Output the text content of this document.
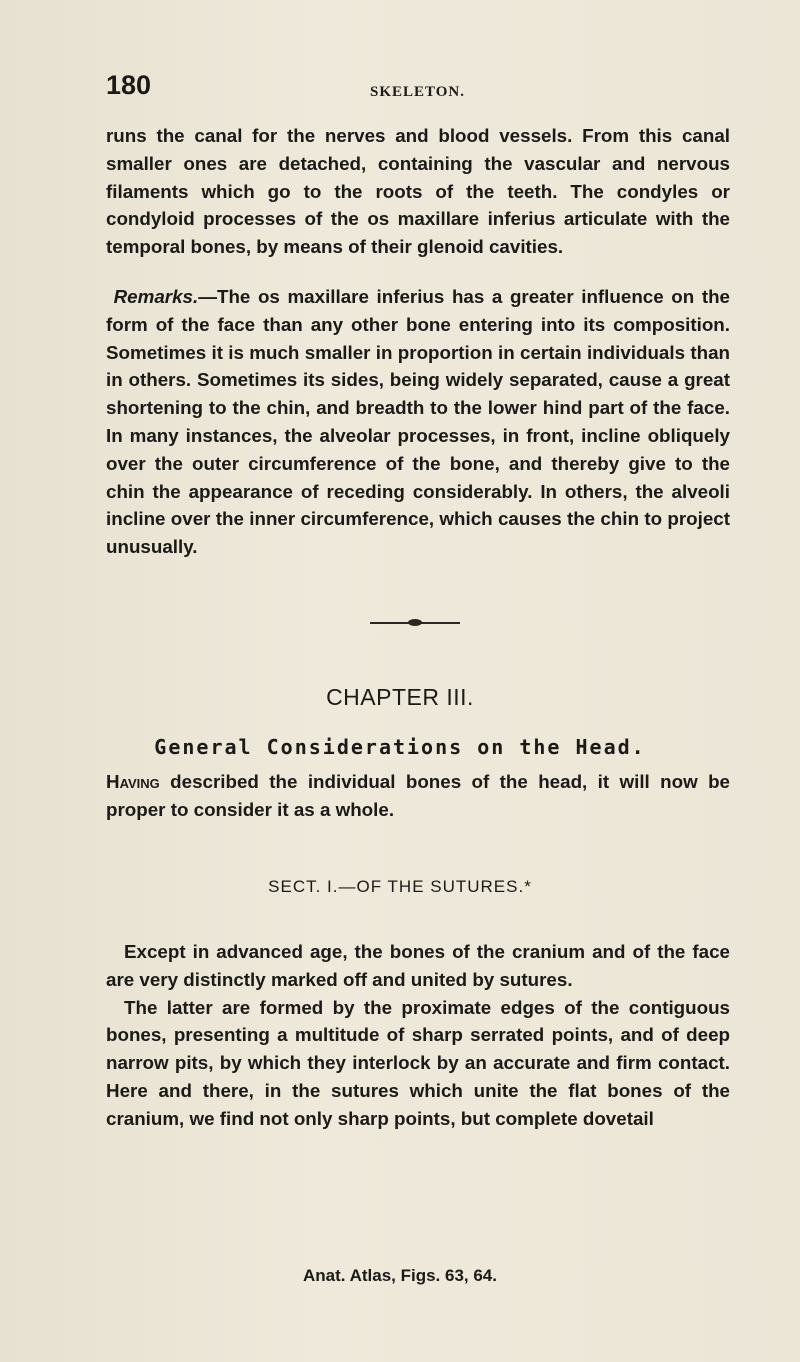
180	SKELETON.

runs the canal for the nerves and blood vessels. From this canal smaller ones are detached, containing the vascular and nervous filaments which go to the roots of the teeth. The condyles or condyloid processes of the os maxillare inferius articulate with the temporal bones, by means of their glenoid cavities.

Remarks.—The os maxillare inferius has a greater influence on the form of the face than any other bone entering into its composition. Sometimes it is much smaller in proportion in certain individuals than in others. Sometimes its sides, being widely separated, cause a great shortening to the chin, and breadth to the lower hind part of the face. In many instances, the alveolar processes, in front, incline obliquely over the outer circumference of the bone, and thereby give to the chin the appearance of receding considerably. In others, the alveoli incline over the inner circumference, which causes the chin to project unusually.

CHAPTER III.
General Considerations on the Head.

Having described the individual bones of the head, it will now be proper to consider it as a whole.

SECT. I.—OF THE SUTURES.*

Except in advanced age, the bones of the cranium and of the face are very distinctly marked off and united by sutures.

The latter are formed by the proximate edges of the contiguous bones, presenting a multitude of sharp serrated points, and of deep narrow pits, by which they interlock by an accurate and firm contact. Here and there, in the sutures which unite the flat bones of the cranium, we find not only sharp points, but complete dovetail

Anat. Atlas, Figs. 63, 64.
